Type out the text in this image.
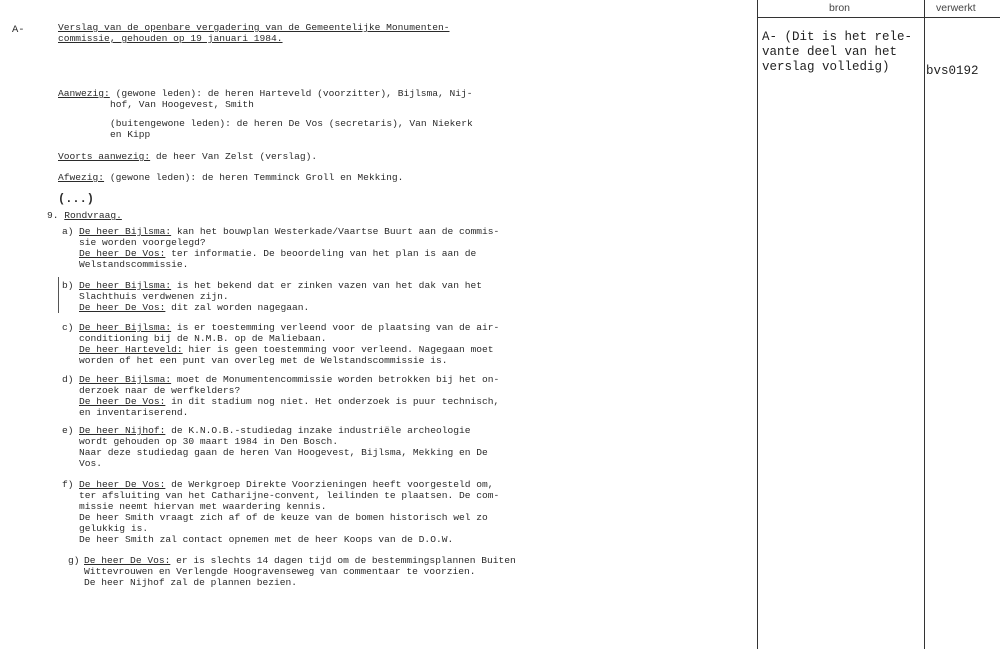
A-	Verslag van de openbare vergadering van de Gemeentelijke Monumenten-
commissie, gehouden op 19 januari 1984.
Aanwezig: (gewone leden): de heren Harteveld (voorzitter), Bijlsma, Nij-
hof, Van Hoogevest, Smith
(buitengewone leden): de heren De Vos (secretaris), Van Niekerk
en Kipp
Voorts aanwezig: de heer Van Zelst (verslag).
Afwezig: (gewone leden): de heren Temminck Groll en Mekking.
(...)
9. Rondvraag.
a) De heer Bijlsma: kan het bouwplan Westerkade/Vaartse Buurt aan de commis-
sie worden voorgelegd?
De heer De Vos: ter informatie. De beoordeling van het plan is aan de
Welstandscommissie.
b) De heer Bijlsma: is het bekend dat er zinken vazen van het dak van het
Slachthuis verdwenen zijn.
De heer De Vos: dit zal worden nagegaan.
c) De heer Bijlsma: is er toestemming verleend voor de plaatsing van de air-
conditioning bij de N.M.B. op de Maliebaan.
De heer Harteveld: hier is geen toestemming voor verleend. Nagegaan moet
worden of het een punt van overleg met de Welstandscommissie is.
d) De heer Bijlsma: moet de Monumentencommissie worden betrokken bij het on-
derzoek naar de werfkelders?
De heer De Vos: in dit stadium nog niet. Het onderzoek is puur technisch,
en inventariserend.
e) De heer Nijhof: de K.N.O.B.-studiedag inzake industriële archeologie
wordt gehouden op 30 maart 1984 in Den Bosch.
Naar deze studiedag gaan de heren Van Hoogevest, Bijlsma, Mekking en De
Vos.
f) De heer De Vos: de Werkgroep Direkte Voorzieningen heeft voorgesteld om,
ter afsluiting van het Catharijne-convent, leilinden te plaatsen. De com-
missie neemt hiervan met waardering kennis.
De heer Smith vraagt zich af of de keuze van de bomen historisch wel zo
gelukkig is.
De heer Smith zal contact opnemen met de heer Koops van de D.O.W.
g) De heer De Vos: er is slechts 14 dagen tijd om de bestemmingsplannen Buiten
Wittevrouwen en Verlengde Hoogravenseweg van commentaar te voorzien.
De heer Nijhof zal de plannen bezien.
bron	verwerkt
A- (Dit is het rele-
vante deel van het
verslag volledig)	bvs0192
